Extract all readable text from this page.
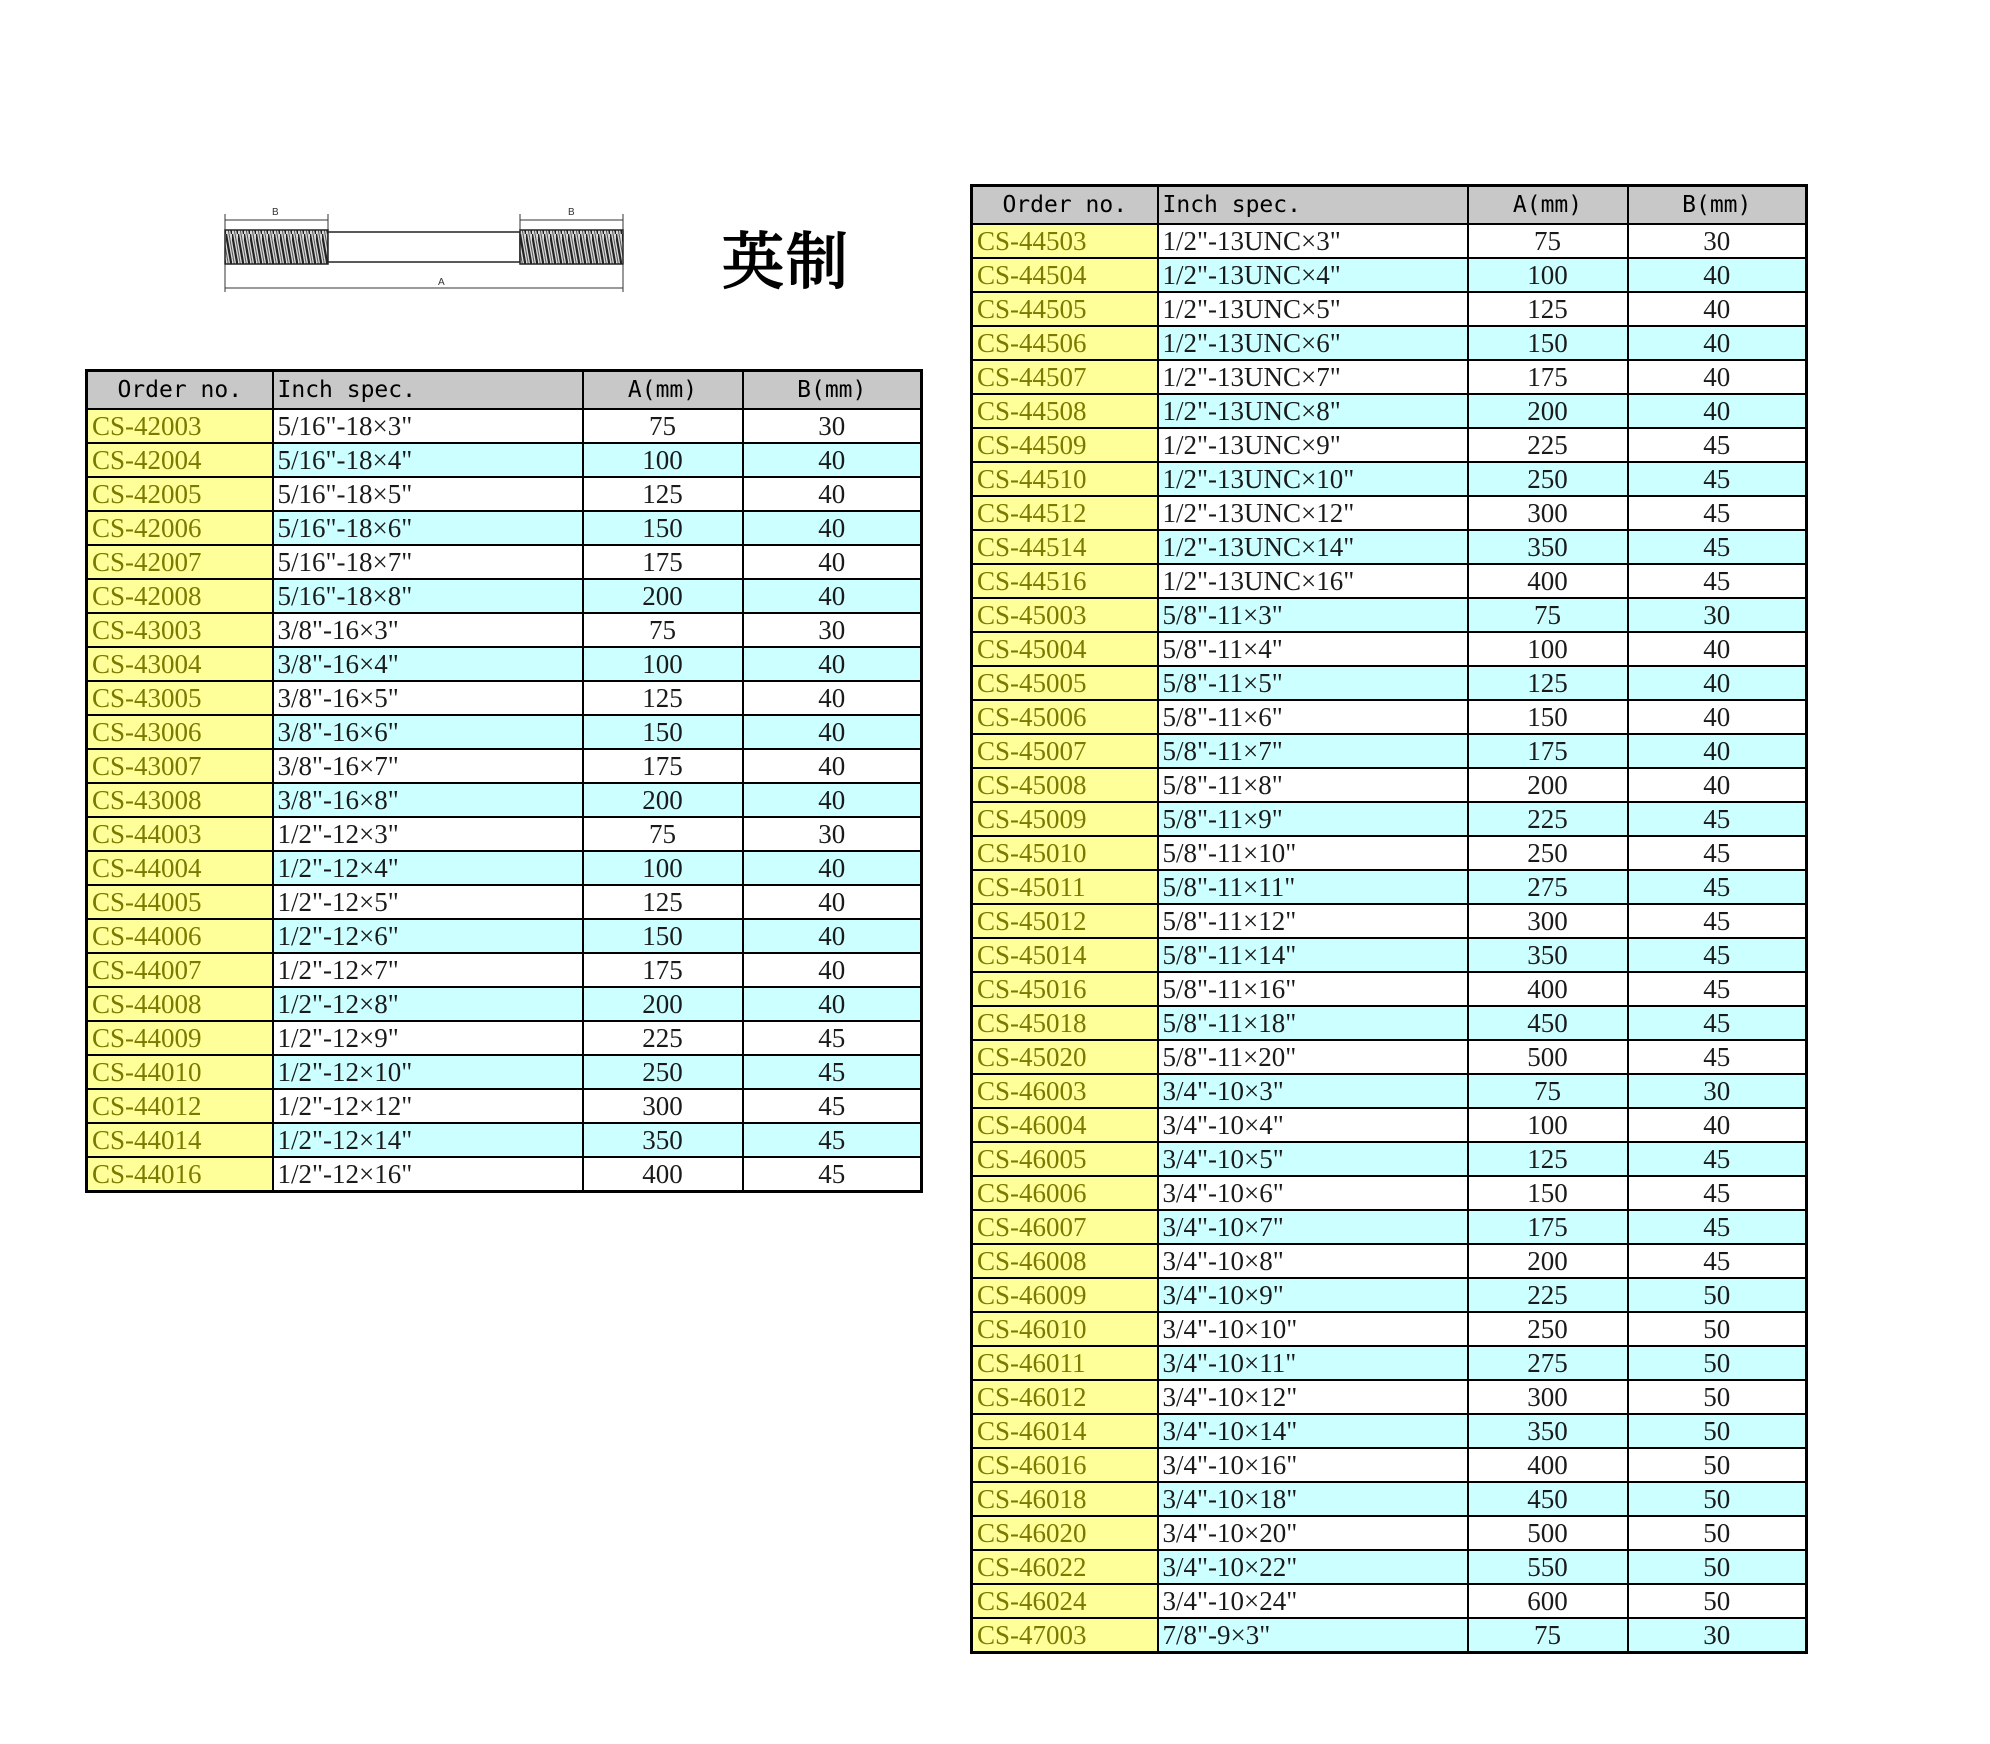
B	B
A	英制
Order no.	Inch spec.	A(mm)	B(mm)
CS-42003	5/16"-18×3"	75	30
CS-42004	5/16"-18×4"	100	40
CS-42005	5/16"-18×5"	125	40
CS-42006	5/16"-18×6"	150	40
CS-42007	5/16"-18×7"	175	40
CS-42008	5/16"-18×8"	200	40
CS-43003	3/8"-16×3"	75	30
CS-43004	3/8"-16×4"	100	40
CS-43005	3/8"-16×5"	125	40
CS-43006	3/8"-16×6"	150	40
CS-43007	3/8"-16×7"	175	40
CS-43008	3/8"-16×8"	200	40
CS-44003	1/2"-12×3"	75	30
CS-44004	1/2"-12×4"	100	40
CS-44005	1/2"-12×5"	125	40
CS-44006	1/2"-12×6"	150	40
CS-44007	1/2"-12×7"	175	40
CS-44008	1/2"-12×8"	200	40
CS-44009	1/2"-12×9"	225	45
CS-44010	1/2"-12×10"	250	45
CS-44012	1/2"-12×12"	300	45
CS-44014	1/2"-12×14"	350	45
CS-44016	1/2"-12×16"	400	45
Order no.	Inch spec.	A(mm)	B(mm)
CS-44503	1/2"-13UNC×3"	75	30
CS-44504	1/2"-13UNC×4"	100	40
CS-44505	1/2"-13UNC×5"	125	40
CS-44506	1/2"-13UNC×6"	150	40
CS-44507	1/2"-13UNC×7"	175	40
CS-44508	1/2"-13UNC×8"	200	40
CS-44509	1/2"-13UNC×9"	225	45
CS-44510	1/2"-13UNC×10"	250	45
CS-44512	1/2"-13UNC×12"	300	45
CS-44514	1/2"-13UNC×14"	350	45
CS-44516	1/2"-13UNC×16"	400	45
CS-45003	5/8"-11×3"	75	30
CS-45004	5/8"-11×4"	100	40
CS-45005	5/8"-11×5"	125	40
CS-45006	5/8"-11×6"	150	40
CS-45007	5/8"-11×7"	175	40
CS-45008	5/8"-11×8"	200	40
CS-45009	5/8"-11×9"	225	45
CS-45010	5/8"-11×10"	250	45
CS-45011	5/8"-11×11"	275	45
CS-45012	5/8"-11×12"	300	45
CS-45014	5/8"-11×14"	350	45
CS-45016	5/8"-11×16"	400	45
CS-45018	5/8"-11×18"	450	45
CS-45020	5/8"-11×20"	500	45
CS-46003	3/4"-10×3"	75	30
CS-46004	3/4"-10×4"	100	40
CS-46005	3/4"-10×5"	125	45
CS-46006	3/4"-10×6"	150	45
CS-46007	3/4"-10×7"	175	45
CS-46008	3/4"-10×8"	200	45
CS-46009	3/4"-10×9"	225	50
CS-46010	3/4"-10×10"	250	50
CS-46011	3/4"-10×11"	275	50
CS-46012	3/4"-10×12"	300	50
CS-46014	3/4"-10×14"	350	50
CS-46016	3/4"-10×16"	400	50
CS-46018	3/4"-10×18"	450	50
CS-46020	3/4"-10×20"	500	50
CS-46022	3/4"-10×22"	550	50
CS-46024	3/4"-10×24"	600	50
CS-47003	7/8"-9×3"	75	30
